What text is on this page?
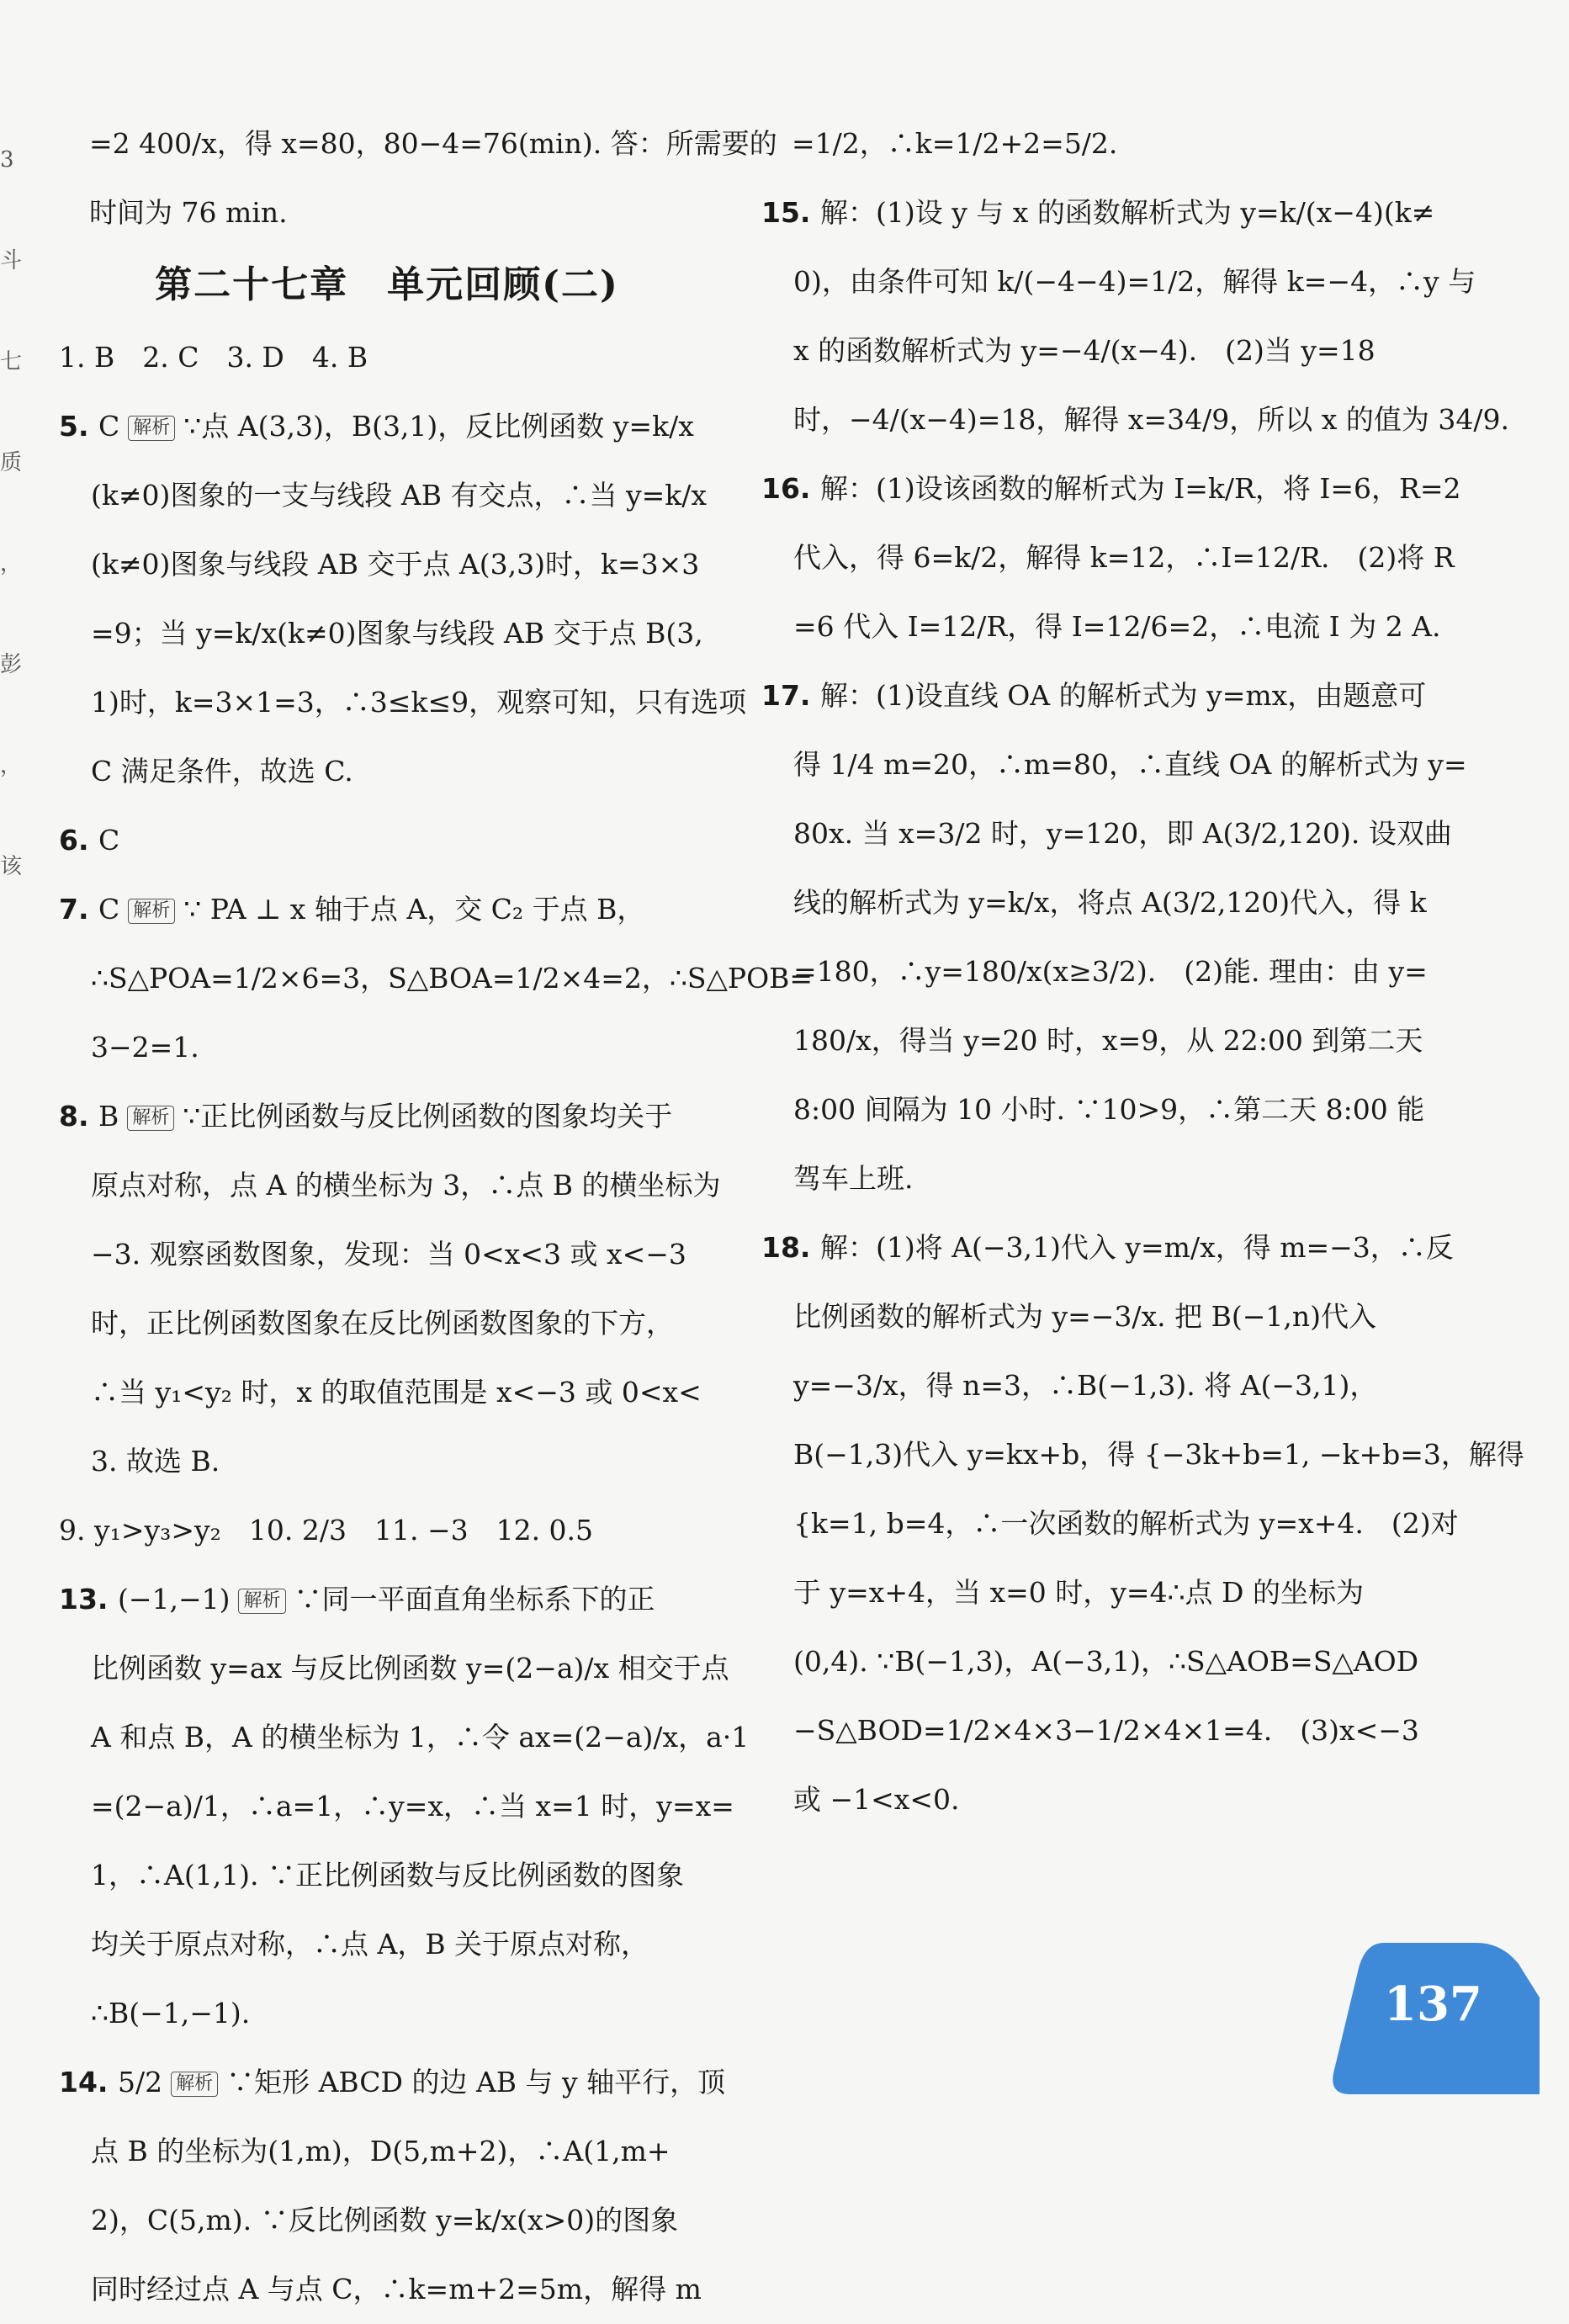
3
斗
七
质
，
彭
，
该
=2 400/x，得 x=80，80−4=76(min). 答：所需要的
时间为 76 min.
第二十七章　单元回顾(二)
1. B　2. C　3. D　4. B
5. C 解析 ∵点 A(3,3)，B(3,1)，反比例函数 y=k/x
(k≠0)图象的一支与线段 AB 有交点，∴当 y=k/x
(k≠0)图象与线段 AB 交于点 A(3,3)时，k=3×3
=9；当 y=k/x(k≠0)图象与线段 AB 交于点 B(3,
1)时，k=3×1=3，∴3≤k≤9，观察可知，只有选项
C 满足条件，故选 C.
6. C
7. C 解析 ∵ PA ⊥ x 轴于点 A，交 C₂ 于点 B，
∴S△POA=1/2×6=3，S△BOA=1/2×4=2，∴S△POB=
3−2=1.
8. B 解析 ∵正比例函数与反比例函数的图象均关于
原点对称，点 A 的横坐标为 3，∴点 B 的横坐标为
−3. 观察函数图象，发现：当 0<x<3 或 x<−3
时，正比例函数图象在反比例函数图象的下方，
∴当 y₁<y₂ 时，x 的取值范围是 x<−3 或 0<x<
3. 故选 B.
9. y₁>y₃>y₂　10. 2/3　11. −3　12. 0.5
13. (−1,−1) 解析 ∵同一平面直角坐标系下的正
比例函数 y=ax 与反比例函数 y=(2−a)/x 相交于点
A 和点 B，A 的横坐标为 1，∴令 ax=(2−a)/x，a·1
=(2−a)/1，∴a=1，∴y=x，∴当 x=1 时，y=x=
1，∴A(1,1). ∵正比例函数与反比例函数的图象
均关于原点对称，∴点 A，B 关于原点对称，
∴B(−1,−1).
14. 5/2 解析 ∵矩形 ABCD 的边 AB 与 y 轴平行，顶
点 B 的坐标为(1,m)，D(5,m+2)，∴A(1,m+
2)，C(5,m). ∵反比例函数 y=k/x(x>0)的图象
同时经过点 A 与点 C，∴k=m+2=5m，解得 m
=1/2，∴k=1/2+2=5/2.
15. 解：(1)设 y 与 x 的函数解析式为 y=k/(x−4)(k≠
0)，由条件可知 k/(−4−4)=1/2，解得 k=−4，∴y 与
x 的函数解析式为 y=−4/(x−4).　(2)当 y=18
时，−4/(x−4)=18，解得 x=34/9，所以 x 的值为 34/9.
16. 解：(1)设该函数的解析式为 I=k/R，将 I=6，R=2
代入，得 6=k/2，解得 k=12，∴I=12/R.　(2)将 R
=6 代入 I=12/R，得 I=12/6=2，∴电流 I 为 2 A.
17. 解：(1)设直线 OA 的解析式为 y=mx，由题意可
得 1/4 m=20，∴m=80，∴直线 OA 的解析式为 y=
80x. 当 x=3/2 时，y=120，即 A(3/2,120). 设双曲
线的解析式为 y=k/x，将点 A(3/2,120)代入，得 k
=180，∴y=180/x(x≥3/2).　(2)能. 理由：由 y=
180/x，得当 y=20 时，x=9，从 22:00 到第二天
8:00 间隔为 10 小时. ∵10>9，∴第二天 8:00 能
驾车上班.
18. 解：(1)将 A(−3,1)代入 y=m/x，得 m=−3，∴反
比例函数的解析式为 y=−3/x. 把 B(−1,n)代入
y=−3/x，得 n=3，∴B(−1,3). 将 A(−3,1)，
B(−1,3)代入 y=kx+b，得 {−3k+b=1, −k+b=3，解得
{k=1, b=4，∴一次函数的解析式为 y=x+4.　(2)对
于 y=x+4，当 x=0 时，y=4∴点 D 的坐标为
(0,4). ∵B(−1,3)，A(−3,1)，∴S△AOB=S△AOD
−S△BOD=1/2×4×3−1/2×4×1=4.　(3)x<−3
或 −1<x<0.
137
